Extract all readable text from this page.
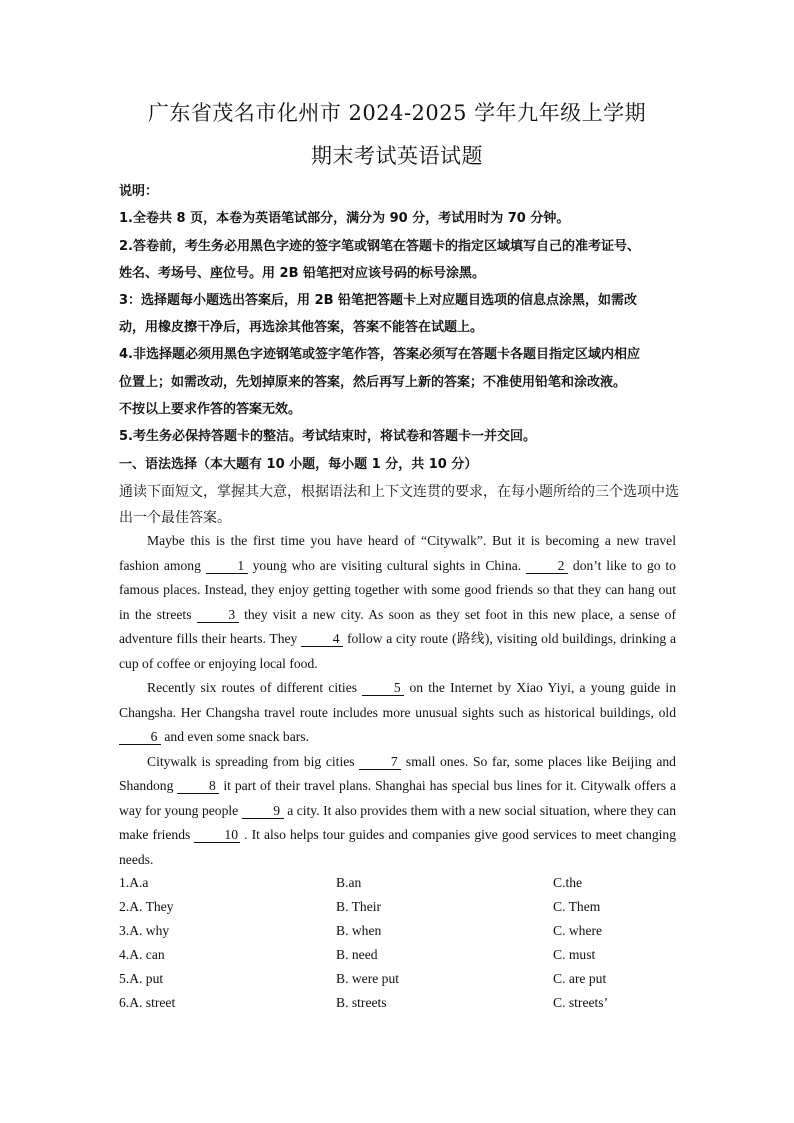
广东省茂名市化州市 2024-2025 学年九年级上学期
期末考试英语试题
说明：
1.全卷共 8 页，本卷为英语笔试部分，满分为 90 分，考试用时为 70 分钟。
2.答卷前，考生务必用黑色字迹的签字笔或钢笔在答题卡的指定区域填写自己的准考证号、
姓名、考场号、座位号。用 2B 铅笔把对应该号码的标号涂黑。
3：选择题每小题选出答案后，用 2B 铅笔把答题卡上对应题目选项的信息点涂黑，如需改
动，用橡皮擦干净后，再选涂其他答案，答案不能答在试题上。
4.非选择题必须用黑色字迹钢笔或签字笔作答，答案必须写在答题卡各题目指定区域内相应
位置上；如需改动，先划掉原来的答案，然后再写上新的答案；不准使用铅笔和涂改液。
不按以上要求作答的答案无效。
5.考生务必保持答题卡的整洁。考试结束时，将试卷和答题卡一并交回。
一、语法选择（本大题有 10 小题，每小题 1 分，共 10 分）
通读下面短文，掌握其大意，根据语法和上下文连贯的要求，在每小题所给的三个选项中选
出一个最佳答案。

Maybe this is the first time you have heard of “Citywalk”. But it is becoming a new travel fashion among 1 young who are visiting cultural sights in China. 2 don’t like to go to famous places. Instead, they enjoy getting together with some good friends so that they can hang out in the streets 3 they visit a new city. As soon as they set foot in this new place, a sense of adventure fills their hearts. They 4 follow a city route (路线), visiting old buildings, drinking a cup of coffee or enjoying local food.

Recently six routes of different cities 5 on the Internet by Xiao Yiyi, a young guide in Changsha. Her Changsha travel route includes more unusual sights such as historical buildings, old 6 and even some snack bars.

Citywalk is spreading from big cities 7 small ones. So far, some places like Beijing and Shandong 8 it part of their travel plans. Shanghai has special bus lines for it. Citywalk offers a way for young people 9 a city. It also provides them with a new social situation, where they can make friends 10 . It also helps tour guides and companies give good services to meet changing needs.

1.A.a	B.an	C.the
2.A. They	B. Their	C. Them
3.A. why	B. when	C. where
4.A. can	B. need	C. must
5.A. put	B. were put	C. are put
6.A. street	B. streets	C. streets’
